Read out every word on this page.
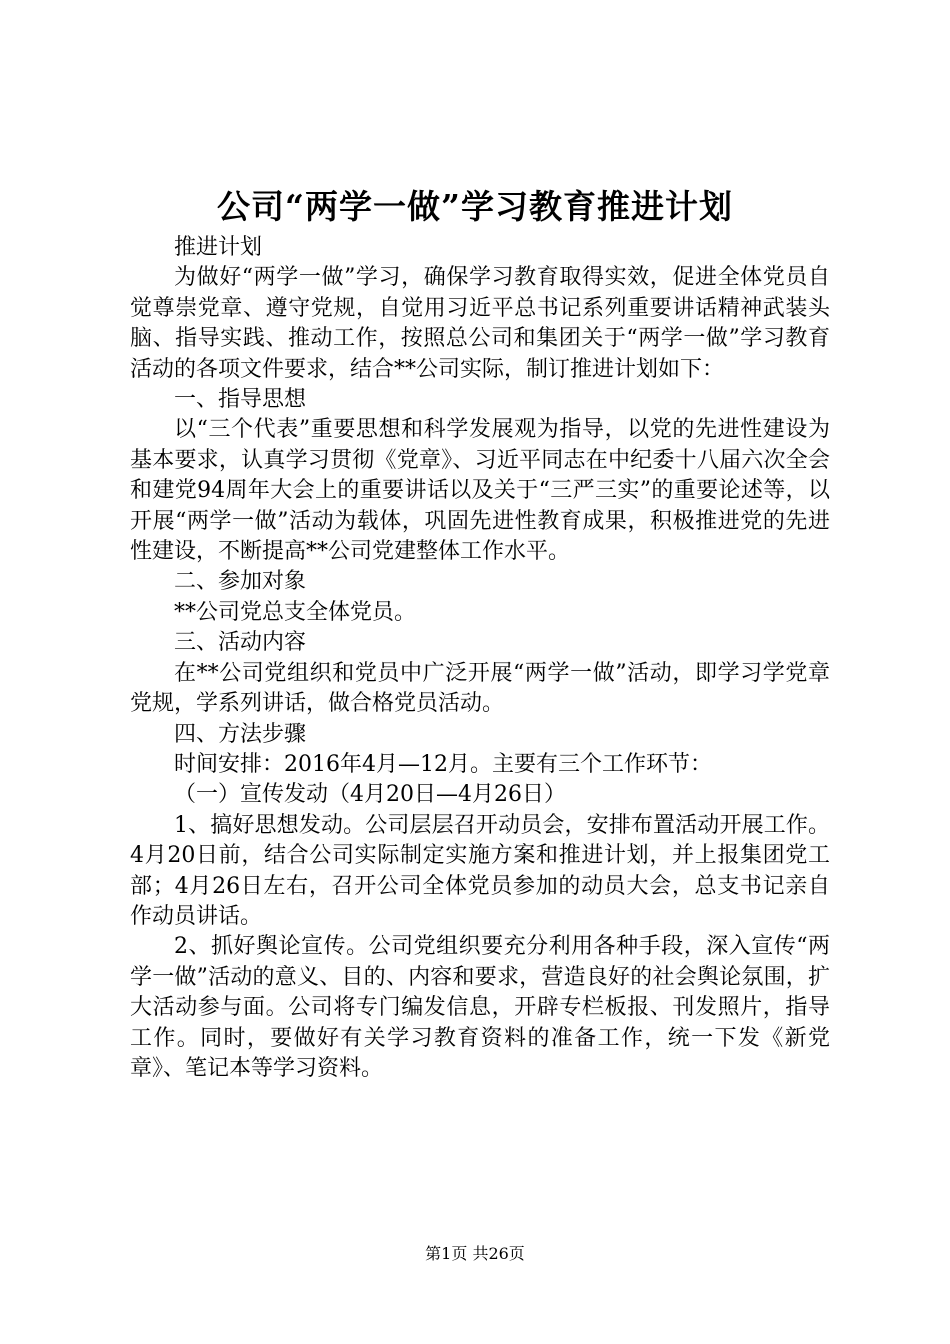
公司“两学一做”学习教育推进计划

推进计划

为做好“两学一做”学习，确保学习教育取得实效，促进全体党员自觉尊崇党章、遵守党规，自觉用习近平总书记系列重要讲话精神武装头脑、指导实践、推动工作，按照总公司和集团关于“两学一做”学习教育活动的各项文件要求，结合**公司实际，制订推进计划如下：

一、指导思想

以“三个代表”重要思想和科学发展观为指导，以党的先进性建设为基本要求，认真学习贯彻《党章》、习近平同志在中纪委十八届六次全会和建党94周年大会上的重要讲话以及关于“三严三实”的重要论述等，以开展“两学一做”活动为载体，巩固先进性教育成果，积极推进党的先进性建设，不断提高**公司党建整体工作水平。

二、参加对象

**公司党总支全体党员。

三、活动内容

在**公司党组织和党员中广泛开展“两学一做”活动，即学习学党章党规，学系列讲话，做合格党员活动。

四、方法步骤

时间安排：2016年4月—12月。主要有三个工作环节：

（一）宣传发动（4月20日—4月26日）

1、搞好思想发动。公司层层召开动员会，安排布置活动开展工作。4月20日前，结合公司实际制定实施方案和推进计划，并上报集团党工部；4月26日左右，召开公司全体党员参加的动员大会，总支书记亲自作动员讲话。

2、抓好舆论宣传。公司党组织要充分利用各种手段，深入宣传“两学一做”活动的意义、目的、内容和要求，营造良好的社会舆论氛围，扩大活动参与面。公司将专门编发信息，开辟专栏板报、刊发照片，指导工作。同时，要做好有关学习教育资料的准备工作，统一下发《新党章》、笔记本等学习资料。

第1页 共26页
